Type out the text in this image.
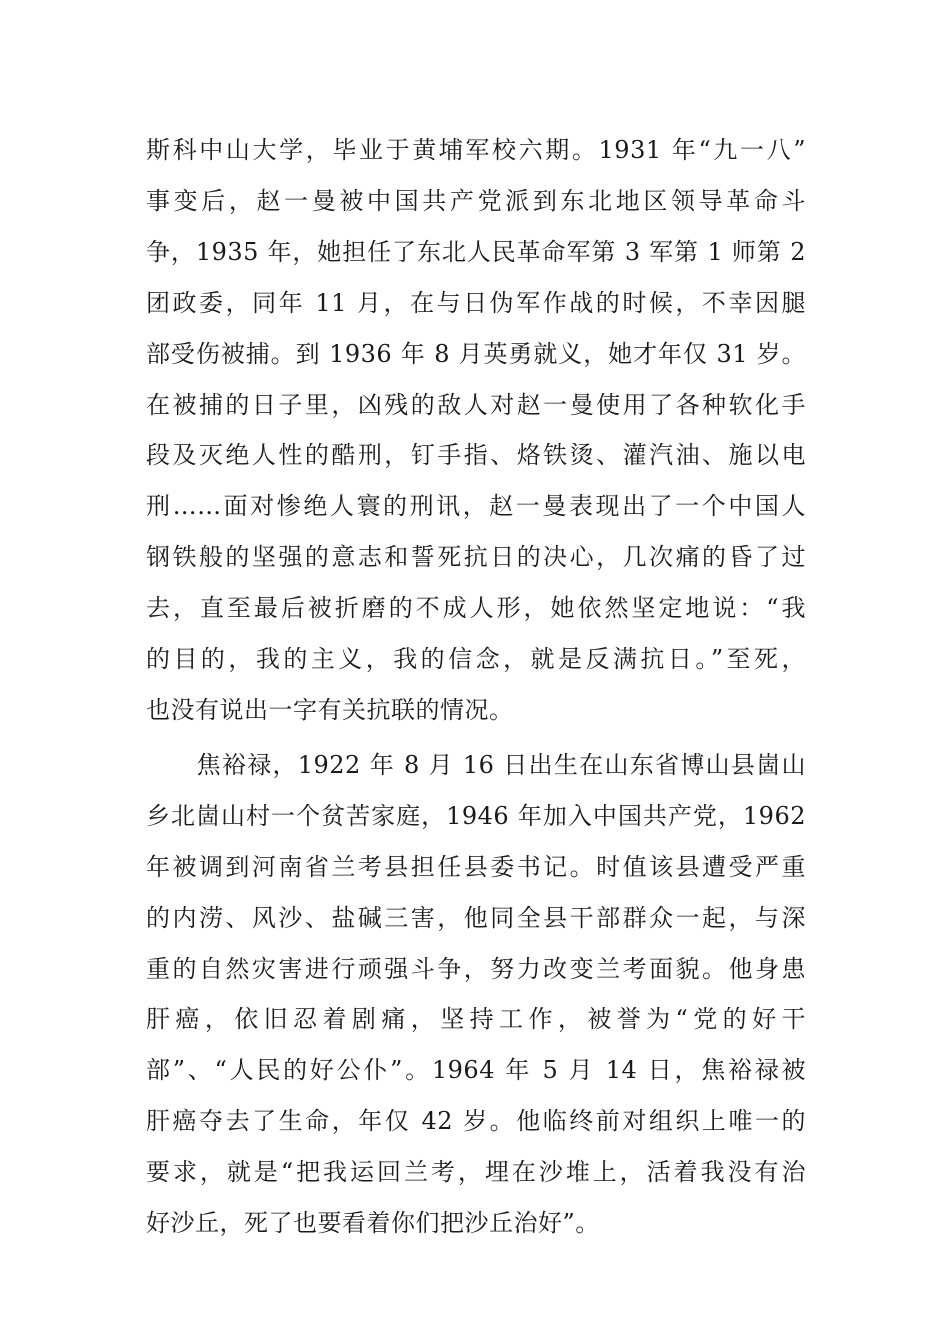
斯科中山大学，毕业于黄埔军校六期。1931 年“九一八”
事变后，赵一曼被中国共产党派到东北地区领导革命斗
争，1935 年，她担任了东北人民革命军第 3 军第 1 师第 2
团政委，同年 11 月，在与日伪军作战的时候，不幸因腿
部受伤被捕。到 1936 年 8 月英勇就义，她才年仅 31 岁。
在被捕的日子里，凶残的敌人对赵一曼使用了各种软化手
段及灭绝人性的酷刑，钉手指、烙铁烫、灌汽油、施以电
刑……面对惨绝人寰的刑讯，赵一曼表现出了一个中国人
钢铁般的坚强的意志和誓死抗日的决心，几次痛的昏了过
去，直至最后被折磨的不成人形，她依然坚定地说：“我
的目的，我的主义，我的信念，就是反满抗日。”至死，
也没有说出一字有关抗联的情况。
　　焦裕禄，1922 年 8 月 16 日出生在山东省博山县崮山
乡北崮山村一个贫苦家庭，1946 年加入中国共产党，1962
年被调到河南省兰考县担任县委书记。时值该县遭受严重
的内涝、风沙、盐碱三害，他同全县干部群众一起，与深
重的自然灾害进行顽强斗争，努力改变兰考面貌。他身患
肝癌，依旧忍着剧痛，坚持工作，被誉为“党的好干
部”、“人民的好公仆”。1964 年 5 月 14 日，焦裕禄被
肝癌夺去了生命，年仅 42 岁。他临终前对组织上唯一的
要求，就是“把我运回兰考，埋在沙堆上，活着我没有治
好沙丘，死了也要看着你们把沙丘治好”。
